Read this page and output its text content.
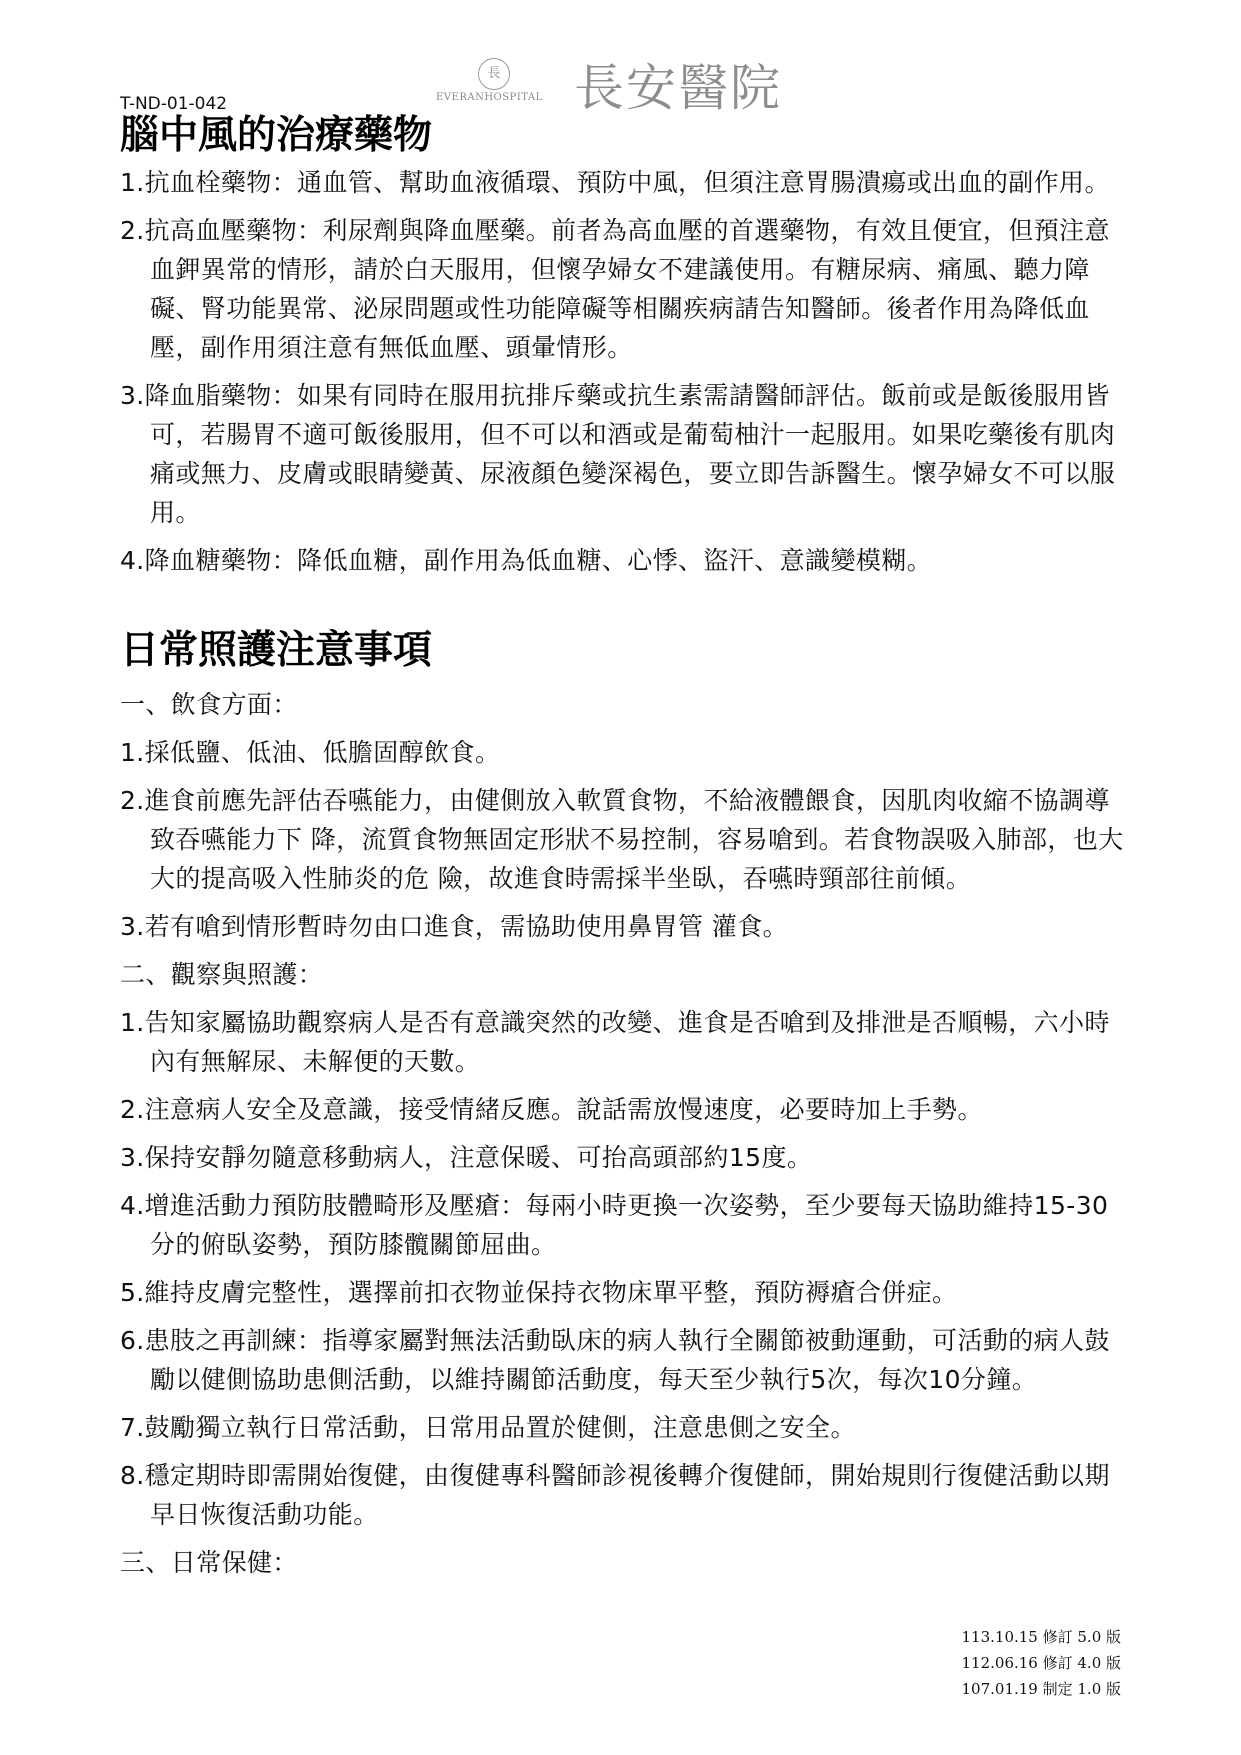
T-ND-01-042
長
EVERANHOSPITAL 長安醫院
腦中風的治療藥物

1.抗血栓藥物：通血管、幫助血液循環、預防中風，但須注意胃腸潰瘍或出血的副作用。

2.抗高血壓藥物：利尿劑與降血壓藥。前者為高血壓的首選藥物，有效且便宜，但預注意血鉀異常的情形，請於白天服用，但懷孕婦女不建議使用。有糖尿病、痛風、聽力障礙、腎功能異常、泌尿問題或性功能障礙等相關疾病請告知醫師。後者作用為降低血壓，副作用須注意有無低血壓、頭暈情形。

3.降血脂藥物：如果有同時在服用抗排斥藥或抗生素需請醫師評估。飯前或是飯後服用皆可，若腸胃不適可飯後服用，但不可以和酒或是葡萄柚汁一起服用。如果吃藥後有肌肉痛或無力、皮膚或眼睛變黃、尿液顏色變深褐色，要立即告訴醫生。懷孕婦女不可以服用。

4.降血糖藥物：降低血糖，副作用為低血糖、心悸、盜汗、意識變模糊。

日常照護注意事項

一、飲食方面：

1.採低鹽、低油、低膽固醇飲食。

2.進食前應先評估吞嚥能力，由健側放入軟質食物，不給液體餵食，因肌肉收縮不協調導致吞嚥能力下 降，流質食物無固定形狀不易控制，容易嗆到。若食物誤吸入肺部，也大大的提高吸入性肺炎的危 險，故進食時需採半坐臥，吞嚥時頸部往前傾。

3.若有嗆到情形暫時勿由口進食，需協助使用鼻胃管 灌食。

二、觀察與照護：

1.告知家屬協助觀察病人是否有意識突然的改變、進食是否嗆到及排泄是否順暢，六小時內有無解尿、未解便的天數。

2.注意病人安全及意識，接受情緒反應。說話需放慢速度，必要時加上手勢。

3.保持安靜勿隨意移動病人，注意保暖、可抬高頭部約15度。

4.增進活動力預防肢體畸形及壓瘡：每兩小時更換一次姿勢，至少要每天協助維持15-30分的俯臥姿勢，預防膝髖關節屈曲。

5.維持皮膚完整性，選擇前扣衣物並保持衣物床單平整，預防褥瘡合併症。

6.患肢之再訓練：指導家屬對無法活動臥床的病人執行全關節被動運動，可活動的病人鼓勵以健側協助患側活動，以維持關節活動度，每天至少執行5次，每次10分鐘。

7.鼓勵獨立執行日常活動，日常用品置於健側，注意患側之安全。

8.穩定期時即需開始復健，由復健專科醫師診視後轉介復健師，開始規則行復健活動以期早日恢復活動功能。

三、日常保健：

113.10.15 修訂 5.0 版
112.06.16 修訂 4.0 版
107.01.19 制定 1.0 版
